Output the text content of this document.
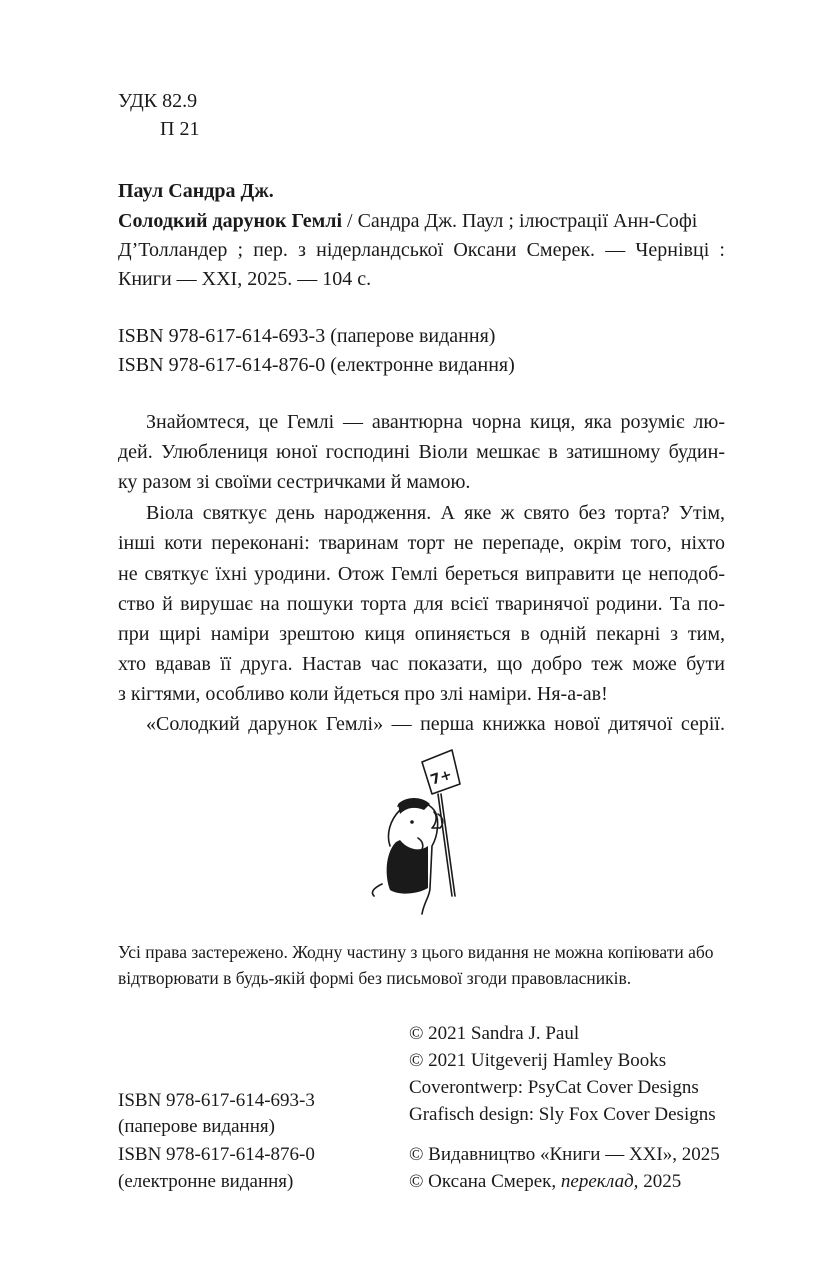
УДК 82.9
П 21
Паул Сандра Дж.
Солодкий дарунок Гемлі / Сандра Дж. Паул ; ілюстрації Анн-Софі
Д’Толландер ; пер. з нідерландської Оксани Смерек. — Чернівці :
Книги — XXI, 2025. — 104 с.
ISBN 978-617-614-693-3 (паперове видання)
ISBN 978-617-614-876-0 (електронне видання)
Знайомтеся, це Гемлі — авантюрна чорна киця, яка розуміє лю-
дей. Улюблениця юної господині Віоли мешкає в затишному будин-
ку разом зі своїми сестричками й мамою.
Віола святкує день народження. А яке ж свято без торта? Утім,
інші коти переконані: тваринам торт не перепаде, окрім того, ніхто
не святкує їхні уродини. Отож Гемлі береться виправити це неподоб-
ство й вирушає на пошуки торта для всієї тваринячої родини. Та по-
при щирі наміри зрештою киця опиняється в одній пекарні з тим,
хто вдавав її друга. Настав час показати, що добро теж може бути
з кігтями, особливо коли йдеться про злі наміри. Ня-а-ав!
«Солодкий дарунок Гемлі» — перша книжка нової дитячої серії.
7+
Усі права застережено. Жодну частину з цього видання не можна копіювати або
відтворювати в будь-якій формі без письмової згоди правовласників.
© 2021 Sandra J. Paul
© 2021 Uitgeverij Hamley Books
Coverontwerp: PsyCat Cover Designs
Grafisch design: Sly Fox Cover Designs
ISBN 978-617-614-693-3
(паперове видання)
ISBN 978-617-614-876-0
(електронне видання)
© Видавництво «Книги — XXI», 2025
© Оксана Смерек, переклад, 2025
